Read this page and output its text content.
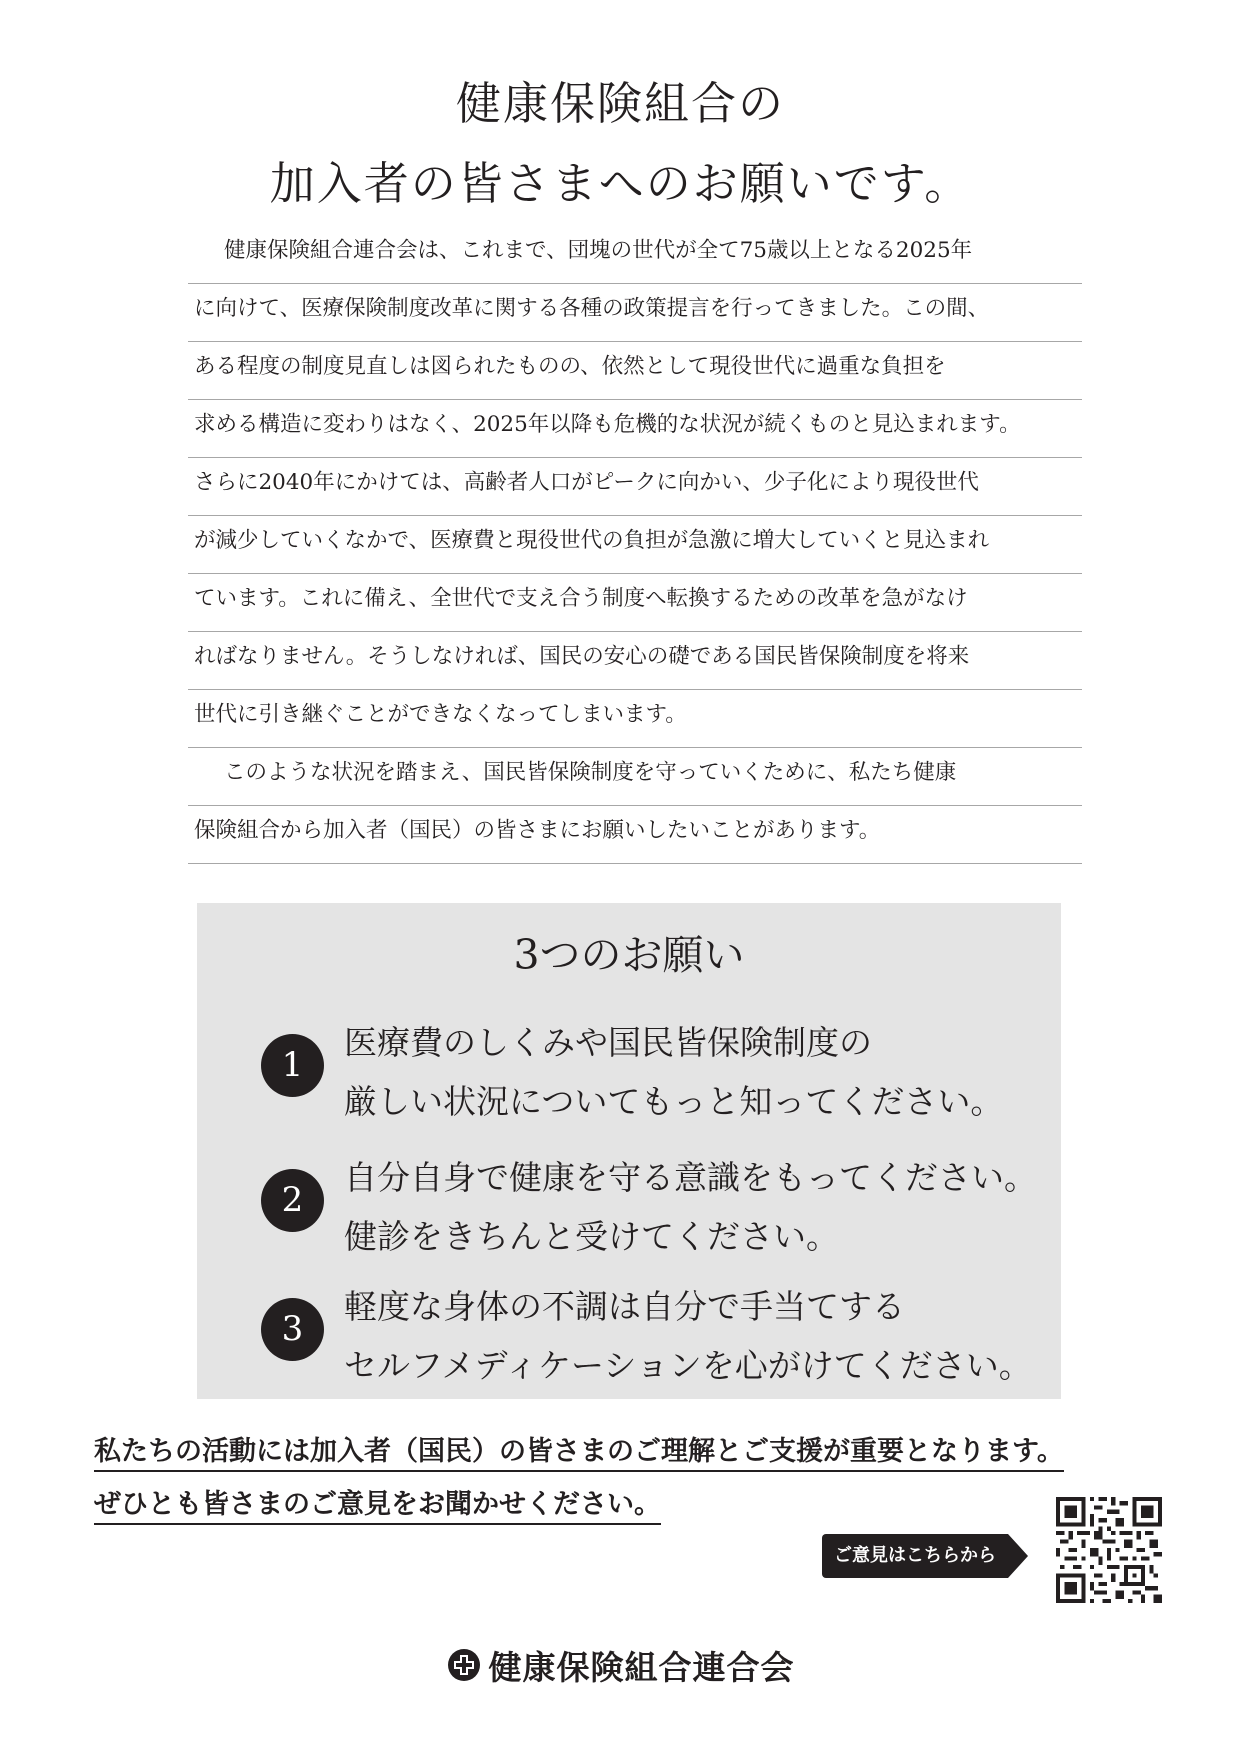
健康保険組合の
加入者の皆さまへのお願いです。
健康保険組合連合会は、これまで、団塊の世代が全て75歳以上となる2025年
に向けて、医療保険制度改革に関する各種の政策提言を行ってきました。この間、
ある程度の制度見直しは図られたものの、依然として現役世代に過重な負担を
求める構造に変わりはなく、2025年以降も危機的な状況が続くものと見込まれます。
さらに2040年にかけては、高齢者人口がピークに向かい、少子化により現役世代
が減少していくなかで、医療費と現役世代の負担が急激に増大していくと見込まれ
ています。これに備え、全世代で支え合う制度へ転換するための改革を急がなけ
ればなりません。そうしなければ、国民の安心の礎である国民皆保険制度を将来
世代に引き継ぐことができなくなってしまいます。
このような状況を踏まえ、国民皆保険制度を守っていくために、私たち健康
保険組合から加入者（国民）の皆さまにお願いしたいことがあります。
3つのお願い
1
医療費のしくみや国民皆保険制度の
厳しい状況についてもっと知ってください。
2
自分自身で健康を守る意識をもってください。
健診をきちんと受けてください。
3
軽度な身体の不調は自分で手当てする
セルフメディケーションを心がけてください。
私たちの活動には加入者（国民）の皆さまのご理解とご支援が重要となります。
ぜひとも皆さまのご意見をお聞かせください。
ご意見はこちらから
健康保険組合連合会
